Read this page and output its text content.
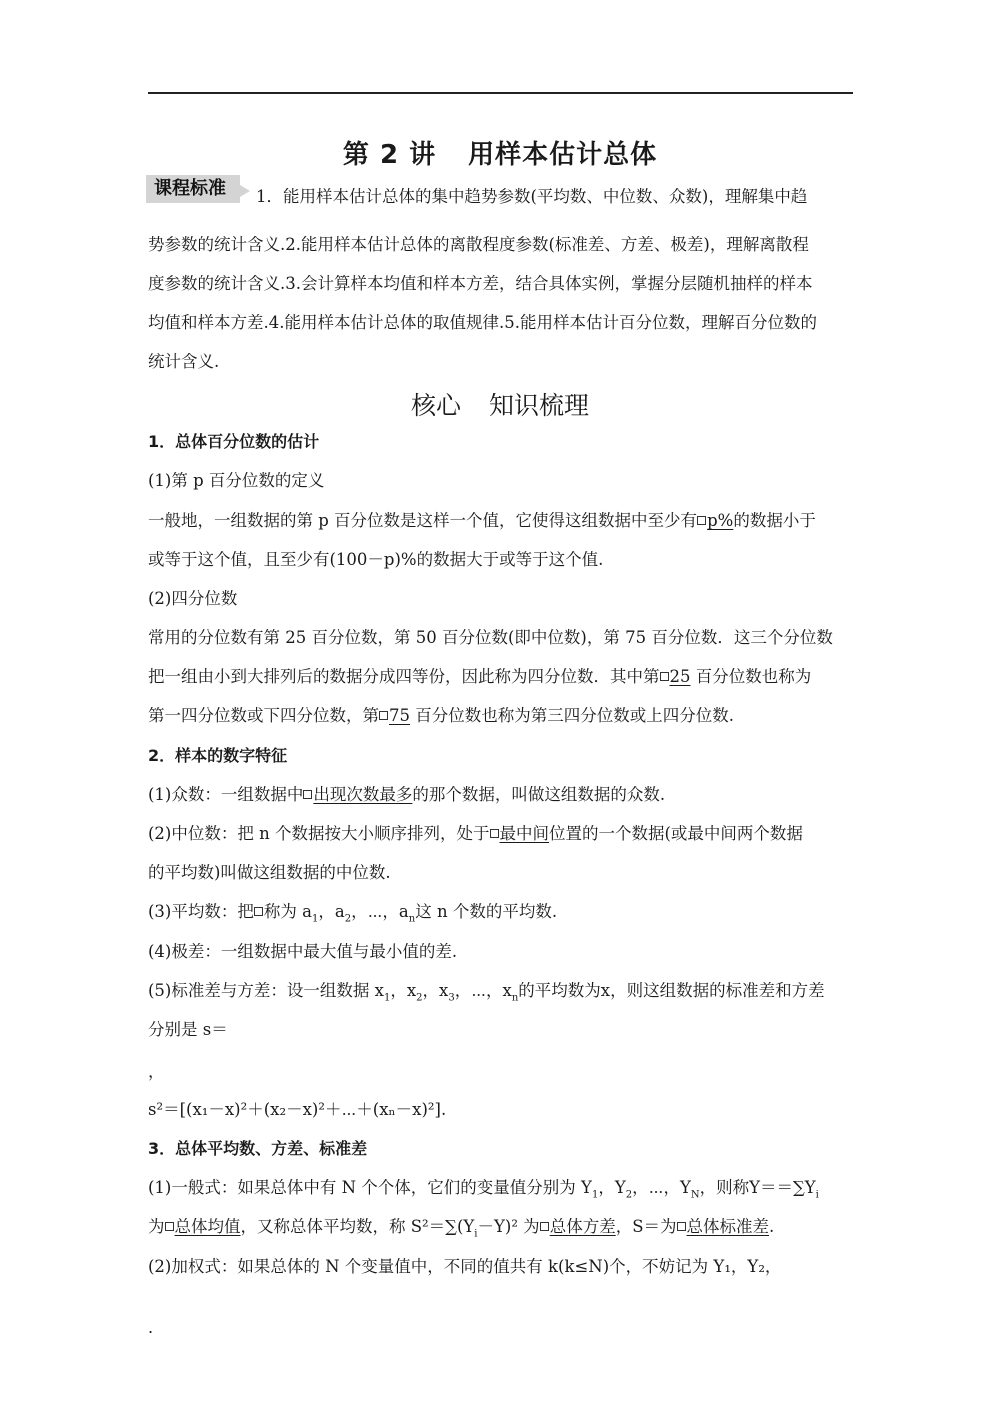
第 2 讲 用样本估计总体
课程标准	1．能用样本估计总体的集中趋势参数(平均数、中位数、众数)，理解集中趋
势参数的统计含义.2.能用样本估计总体的离散程度参数(标准差、方差、极差)，理解离散程
度参数的统计含义.3.会计算样本均值和样本方差，结合具体实例，掌握分层随机抽样的样本
均值和样本方差.4.能用样本估计总体的取值规律.5.能用样本估计百分位数，理解百分位数的
统计含义.
核心 知识梳理
1．总体百分位数的估计
(1)第 p 百分位数的定义
一般地，一组数据的第 p 百分位数是这样一个值，它使得这组数据中至少有 p%的数据小于
或等于这个值，且至少有(100－p)%的数据大于或等于这个值.
(2)四分位数
常用的分位数有第 25 百分位数，第 50 百分位数(即中位数)，第 75 百分位数．这三个分位数
把一组由小到大排列后的数据分成四等份，因此称为四分位数．其中第 25 百分位数也称为
第一四分位数或下四分位数，第 75 百分位数也称为第三四分位数或上四分位数.
2．样本的数字特征
(1)众数：一组数据中 出现次数最多的那个数据，叫做这组数据的众数.
(2)中位数：把 n 个数据按大小顺序排列，处于 最中间位置的一个数据(或最中间两个数据
的平均数)叫做这组数据的中位数.
(3)平均数：把 称为 $a_1$，$a_2$，⋯，$a_n$这 n 个数的平均数.
(4)极差：一组数据中最大值与最小值的差.
(5)标准差与方差：设一组数据 $x_1$，$x_2$，$x_3$，⋯，$x_n$的平均数为x，则这组数据的标准差和方差
分别是 s＝
，
s²＝[(x₁－x)²＋(x₂－x)²＋⋯＋(xₙ－x)²].
3．总体平均数、方差、标准差
(1)一般式：如果总体中有 N 个个体，它们的变量值分别为 $Y_1$，$Y_2$，⋯，$Y_N$，则称$Y==\sum Y_i$
为 总体均值，又称总体平均数，称 $S^2=\sum(Y_i-Y)^2$ 为 总体方差，S＝为 总体标准差.
(2)加权式：如果总体的 N 个变量值中，不同的值共有 k(k≤N)个，不妨记为 Y₁，Y₂，
.
